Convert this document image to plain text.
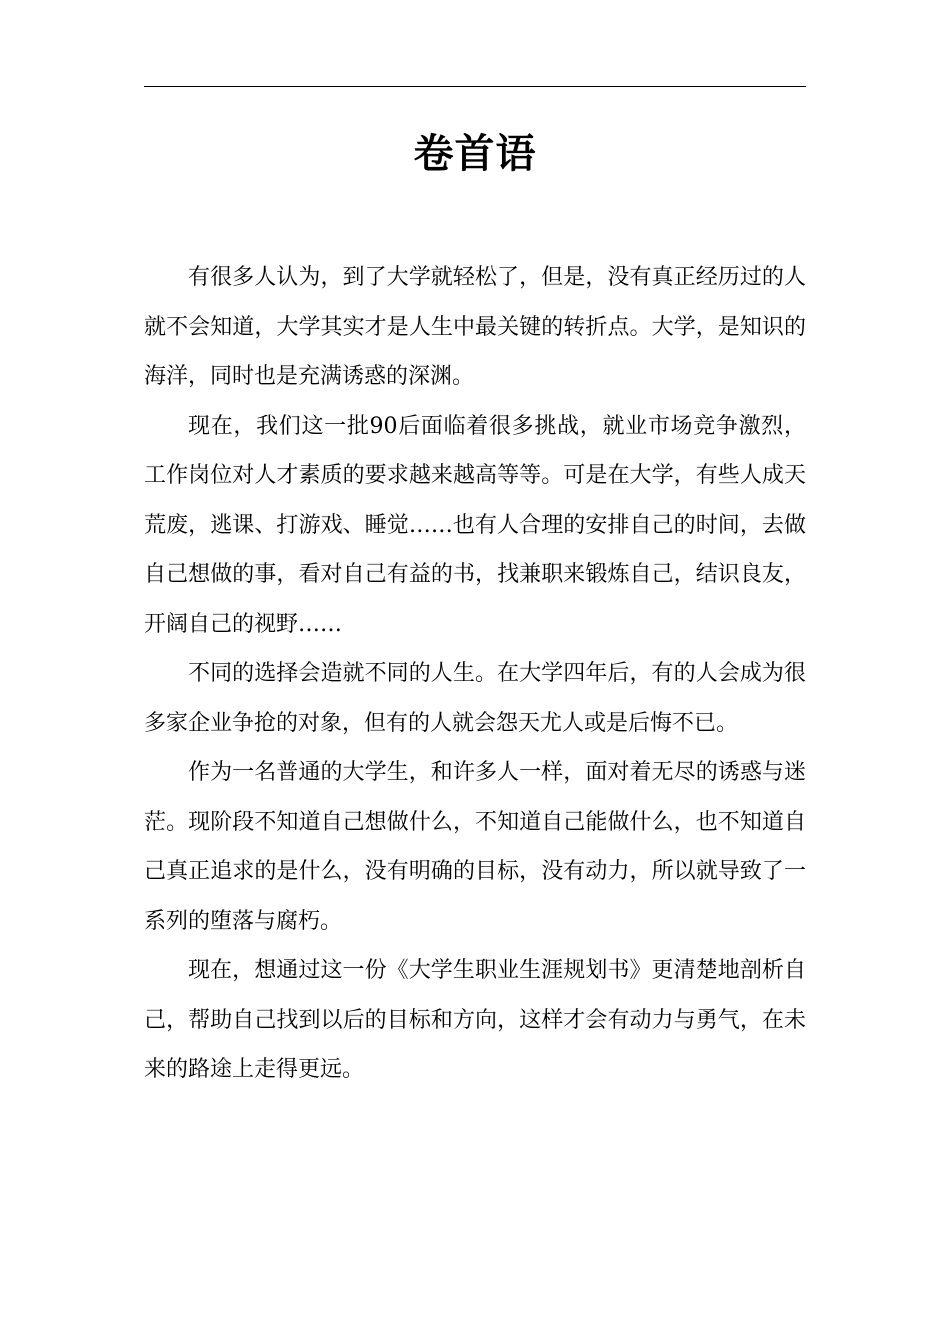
卷首语

有很多人认为，到了大学就轻松了，但是，没有真正经历过的人就不会知道，大学其实才是人生中最关键的转折点。大学，是知识的海洋，同时也是充满诱惑的深渊。

现在，我们这一批90后面临着很多挑战，就业市场竞争激烈，工作岗位对人才素质的要求越来越高等等。可是在大学，有些人成天荒废，逃课、打游戏、睡觉……也有人合理的安排自己的时间，去做自己想做的事，看对自己有益的书，找兼职来锻炼自己，结识良友，开阔自己的视野……

不同的选择会造就不同的人生。在大学四年后，有的人会成为很多家企业争抢的对象，但有的人就会怨天尤人或是后悔不已。

作为一名普通的大学生，和许多人一样，面对着无尽的诱惑与迷茫。现阶段不知道自己想做什么，不知道自己能做什么，也不知道自己真正追求的是什么，没有明确的目标，没有动力，所以就导致了一系列的堕落与腐朽。

现在，想通过这一份《大学生职业生涯规划书》更清楚地剖析自己，帮助自己找到以后的目标和方向，这样才会有动力与勇气，在未来的路途上走得更远。
